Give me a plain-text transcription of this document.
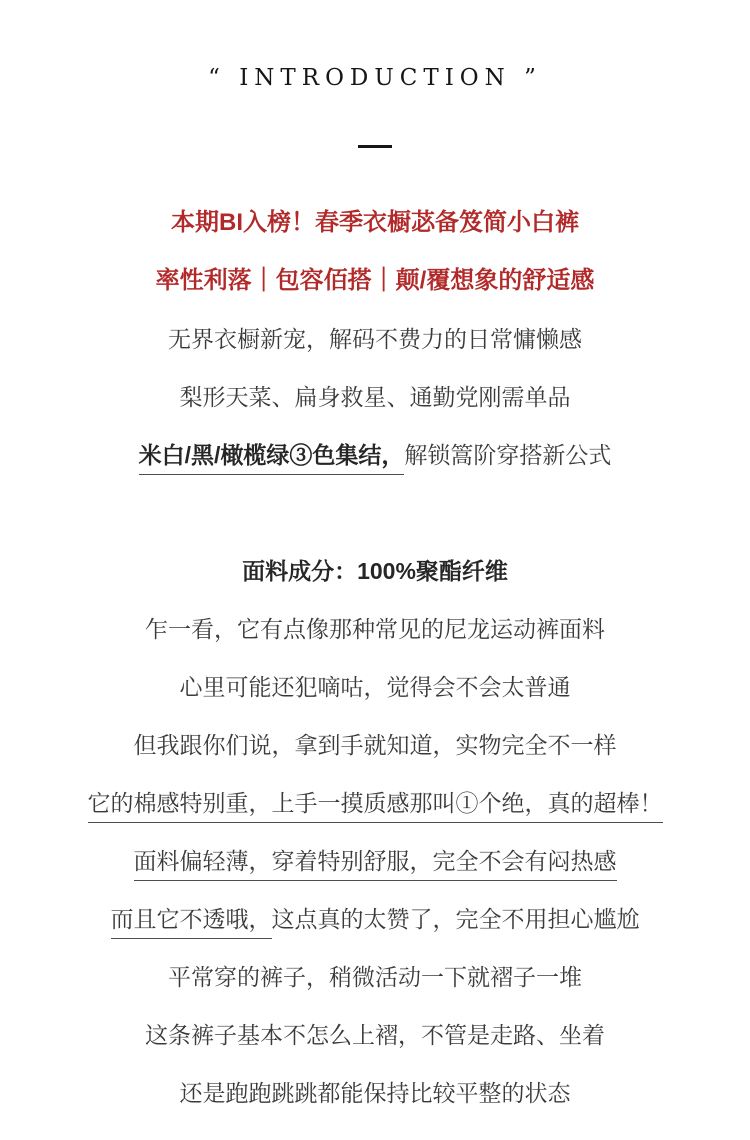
“ INTRODUCTION ”

本期BI入榜！春季衣橱苾备笈简小白裤

率性利落｜包容佰搭｜颠/覆想象的舒适感

无界衣橱新宠，解码不费力的日常慵懒感

梨形天菜、扁身救星、通勤党刚需单品

米白/黑/橄榄绿③色集结，解锁篙阶穿搭新公式

面料成分：100%聚酯纤维

乍一看，它有点像那种常见的尼龙运动裤面料

心里可能还犯嘀咕，觉得会不会太普通

但我跟你们说，拿到手就知道，实物完全不一样

它的棉感特别重，上手一摸质感那叫①个绝，真的超棒！

面料偏轻薄，穿着特别舒服，完全不会有闷热感

而且它不透哦，这点真的太赞了，完全不用担心尴尬

平常穿的裤子，稍微活动一下就褶子一堆

这条裤子基本不怎么上褶，不管是走路、坐着

还是跑跑跳跳都能保持比较平整的状态
